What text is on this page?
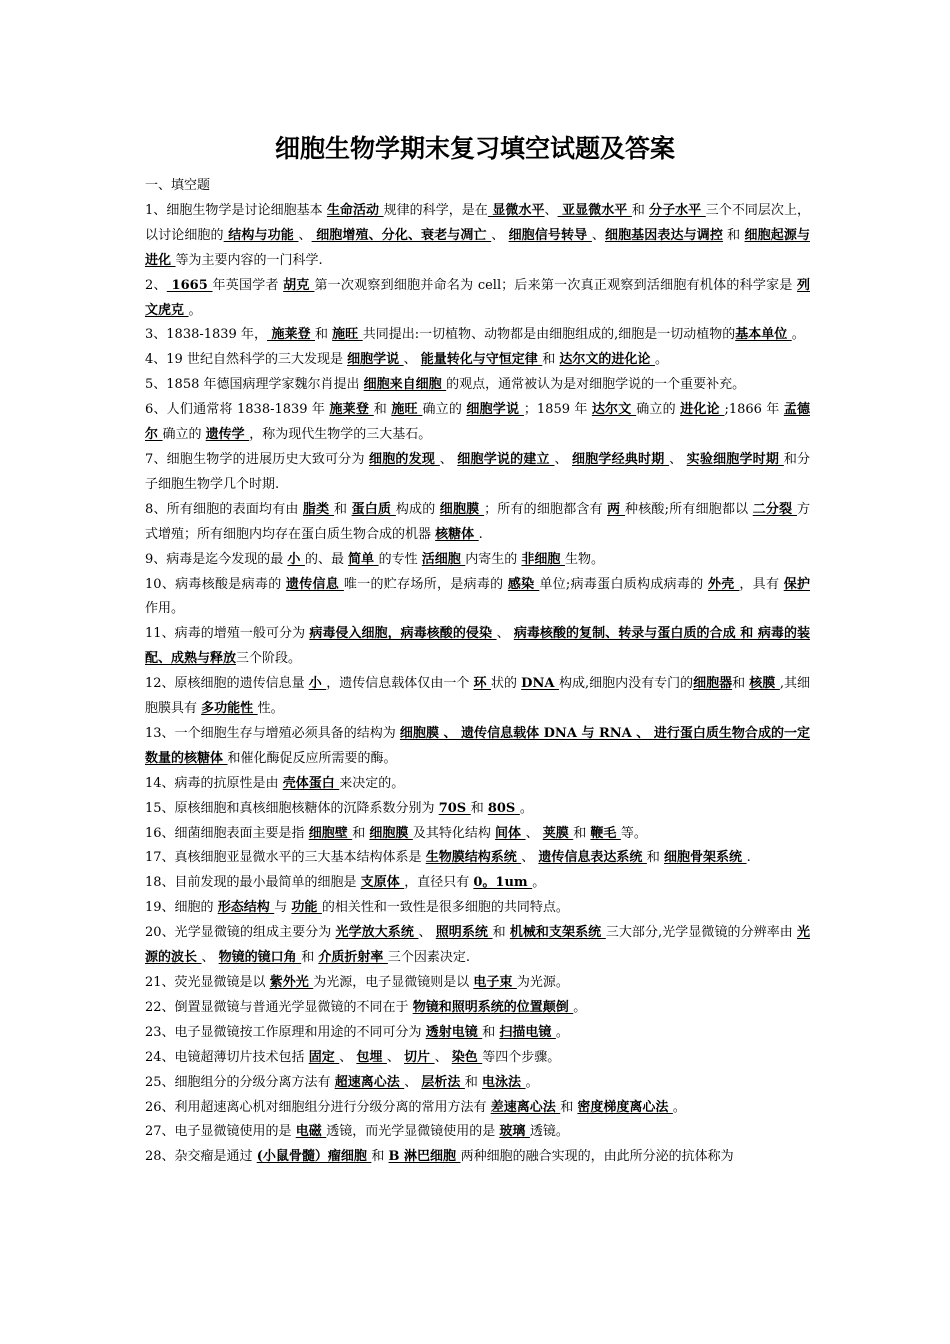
细胞生物学期末复习填空试题及答案

一、填空题

1、细胞生物学是讨论细胞基本 生命活动 规律的科学，是在 显微水平、 亚显微水平 和 分子水平 三个不同层次上，以讨论细胞的 结构与功能 、 细胞增殖、分化、衰老与凋亡 、 细胞信号转导 、细胞基因表达与调控 和 细胞起源与进化 等为主要内容的一门科学.

2、 1665 年英国学者 胡克 第一次观察到细胞并命名为 cell；后来第一次真正观察到活细胞有机体的科学家是 列文虎克 。

3、1838-1839 年， 施莱登 和 施旺 共同提出:一切植物、动物都是由细胞组成的,细胞是一切动植物的基本单位 。

4、19 世纪自然科学的三大发现是 细胞学说 、 能量转化与守恒定律 和 达尔文的进化论 。

5、1858 年德国病理学家魏尔肖提出 细胞来自细胞 的观点，通常被认为是对细胞学说的一个重要补充。

6、人们通常将 1838-1839 年 施莱登 和 施旺 确立的 细胞学说 ；1859 年 达尔文 确立的 进化论 ;1866 年 孟德尔 确立的 遗传学 ，称为现代生物学的三大基石。

7、细胞生物学的进展历史大致可分为 细胞的发现 、 细胞学说的建立 、 细胞学经典时期 、 实验细胞学时期 和分子细胞生物学几个时期.

8、所有细胞的表面均有由 脂类 和 蛋白质 构成的 细胞膜 ；所有的细胞都含有 两 种核酸;所有细胞都以 二分裂 方式增殖；所有细胞内均存在蛋白质生物合成的机器 核糖体 .

9、病毒是迄今发现的最 小 的、最 简单 的专性 活细胞 内寄生的 非细胞 生物。

10、病毒核酸是病毒的 遗传信息 唯一的贮存场所，是病毒的 感染 单位;病毒蛋白质构成病毒的 外壳 ，具有 保护 作用。

11、病毒的增殖一般可分为 病毒侵入细胞，病毒核酸的侵染 、 病毒核酸的复制、转录与蛋白质的合成 和 病毒的装配、成熟与释放三个阶段。

12、原核细胞的遗传信息量 小 ，遗传信息载体仅由一个 环 状的 DNA 构成,细胞内没有专门的细胞器和 核膜 ,其细胞膜具有 多功能性 性。

13、一个细胞生存与增殖必须具备的结构为 细胞膜 、 遗传信息载体 DNA 与 RNA 、 进行蛋白质生物合成的一定数量的核糖体 和催化酶促反应所需要的酶。

14、病毒的抗原性是由 壳体蛋白 来决定的。

15、原核细胞和真核细胞核糖体的沉降系数分别为 70S 和 80S 。

16、细菌细胞表面主要是指 细胞壁 和 细胞膜 及其特化结构 间体 、 荚膜 和 鞭毛 等。

17、真核细胞亚显微水平的三大基本结构体系是 生物膜结构系统 、 遗传信息表达系统 和 细胞骨架系统 .

18、目前发现的最小最简单的细胞是 支原体 ，直径只有 0。1um 。

19、细胞的 形态结构 与 功能 的相关性和一致性是很多细胞的共同特点。

20、光学显微镜的组成主要分为 光学放大系统 、 照明系统 和 机械和支架系统 三大部分,光学显微镜的分辨率由 光源的波长 、 物镜的镜口角 和 介质折射率 三个因素决定.

21、荧光显微镜是以 紫外光 为光源，电子显微镜则是以 电子束 为光源。

22、倒置显微镜与普通光学显微镜的不同在于 物镜和照明系统的位置颠倒 。

23、电子显微镜按工作原理和用途的不同可分为 透射电镜 和 扫描电镜 。

24、电镜超薄切片技术包括 固定 、 包埋 、 切片 、 染色 等四个步骤。

25、细胞组分的分级分离方法有 超速离心法 、 层析法 和 电泳法 。

26、利用超速离心机对细胞组分进行分级分离的常用方法有 差速离心法 和 密度梯度离心法 。

27、电子显微镜使用的是 电磁 透镜，而光学显微镜使用的是 玻璃 透镜。

28、杂交瘤是通过 (小鼠骨髓）瘤细胞 和 B 淋巴细胞 两种细胞的融合实现的，由此所分泌的抗体称为
